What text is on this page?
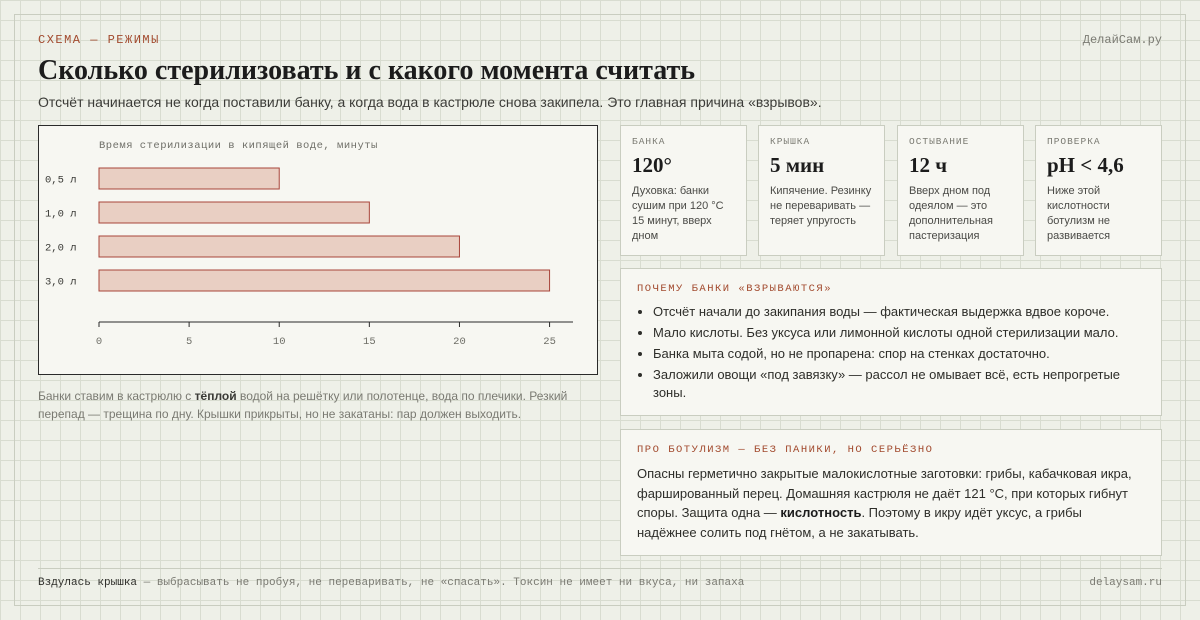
СХЕМА — РЕЖИМЫ	ДелайСам.ру
Сколько стерилизовать и с какого момента считать
Отсчёт начинается не когда поставили банку, а когда вода в кастрюле снова закипела. Это главная причина «взрывов».
Время стерилизации в кипящей воде, минуты
0,5 л
1,0 л
2,0 л
3,0 л
0	5	10	15	20	25
Банки ставим в кастрюлю с тёплой водой на решётку или полотенце, вода по плечики. Резкий перепад — трещина по дну. Крышки прикрыты, но не закатаны: пар должен выходить.
БАНКА
120°
Духовка: банки сушим при 120 °С 15 минут, вверх дном
КРЫШКА
5 мин
Кипячение. Резинку не переваривать — теряет упругость
ОСТЫВАНИЕ
12 ч
Вверх дном под одеялом — это дополнительная пастеризация
ПРОВЕРКА
pH < 4,6
Ниже этой кислотности ботулизм не развивается
ПОЧЕМУ БАНКИ «ВЗРЫВАЮТСЯ»
• Отсчёт начали до закипания воды — фактическая выдержка вдвое короче.
• Мало кислоты. Без уксуса или лимонной кислоты одной стерилизации мало.
• Банка мыта содой, но не пропарена: спор на стенках достаточно.
• Заложили овощи «под завязку» — рассол не омывает всё, есть непрогретые зоны.
ПРО БОТУЛИЗМ — БЕЗ ПАНИКИ, НО СЕРЬЁЗНО

Опасны герметично закрытые малокислотные заготовки: грибы, кабачковая икра, фаршированный перец. Домашняя кастрюля не даёт 121 °С, при которых гибнут споры. Защита одна — кислотность. Поэтому в икру идёт уксус, а грибы надёжнее солить под гнётом, а не закатывать.

Вздулась крышка — выбрасывать не пробуя, не переваривать, не «спасать». Токсин не имеет ни вкуса, ни запаха	delaysam.ru
